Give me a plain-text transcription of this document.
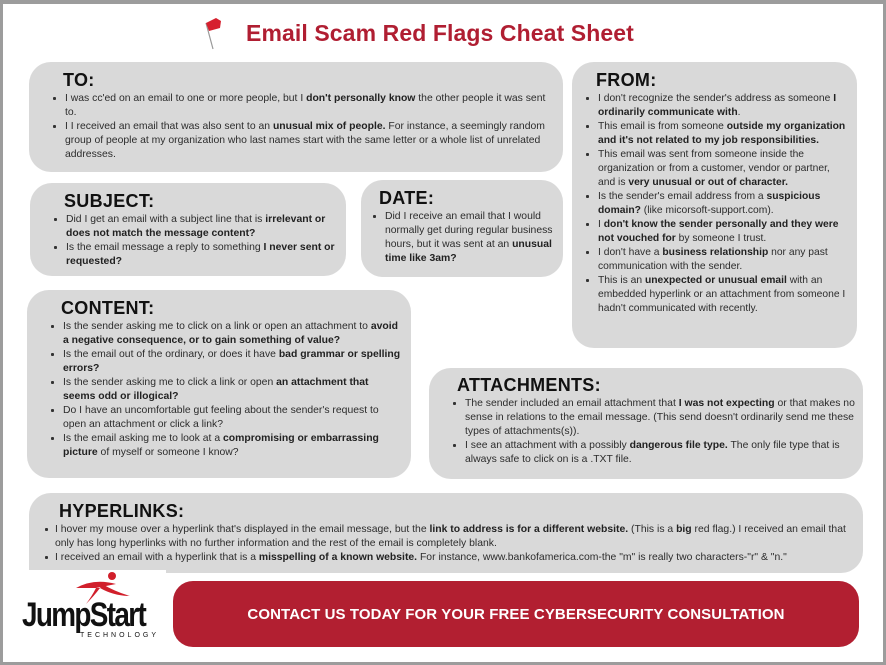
Email Scam Red Flags Cheat Sheet
TO:
I was cc'ed on an email to one or more people, but I don't personally know the other people it was sent to.
I I received an email that was also sent to an unusual mix of people. For instance, a seemingly random group of people at my organization who last names start with the same letter or a whole list of unrelated addresses.
FROM:
I don't recognize the sender's address as someone I ordinarily communicate with.
This email is from someone outside my organization and it's not related to my job responsibilities.
This email was sent from someone inside the organization or from a customer, vendor or partner, and is very unusual or out of character.
Is the sender's email address from a suspicious domain? (like micorsoft-support.com).
I don't know the sender personally and they were not vouched for by someone I trust.
I don't have a business relationship nor any past communication with the sender.
This is an unexpected or unusual email with an embedded hyperlink or an attachment from someone I hadn't communicated with recently.
SUBJECT:
Did I get an email with a subject line that is irrelevant or does not match the message content?
Is the email message a reply to something I never sent or requested?
DATE:
Did I receive an email that I would normally get during regular business hours, but it was sent at an unusual time like 3am?
CONTENT:
Is the sender asking me to click on a link or open an attachment to avoid a negative consequence, or to gain something of value?
Is the email out of the ordinary, or does it have bad grammar or spelling errors?
Is the sender asking me to click a link or open an attachment that seems odd or illogical?
Do I have an uncomfortable gut feeling about the sender's request to open an attachment or click a link?
Is the email asking me to look at a compromising or embarrassing picture of myself or someone I know?
ATTACHMENTS:
The sender included an email attachment that I was not expecting or that makes no sense in relations to the email message. (This send doesn't ordinarily send me these types of attachments(s)).
I see an attachment with a possibly dangerous file type. The only file type that is always safe to click on is a .TXT file.
HYPERLINKS:
I hover my mouse over a hyperlink that's displayed in the email message, but the link to address is for a different website. (This is a big red flag.) I received an email that only has long hyperlinks with no further information and the rest of the email is completely blank.
I received an email with a hyperlink that is a misspelling of a known website. For instance, www.bankofamerica.com-the "m" is really two characters-"r" & "n."
JumpStart
TECHNOLOGY
CONTACT US TODAY FOR YOUR FREE CYBERSECURITY CONSULTATION
